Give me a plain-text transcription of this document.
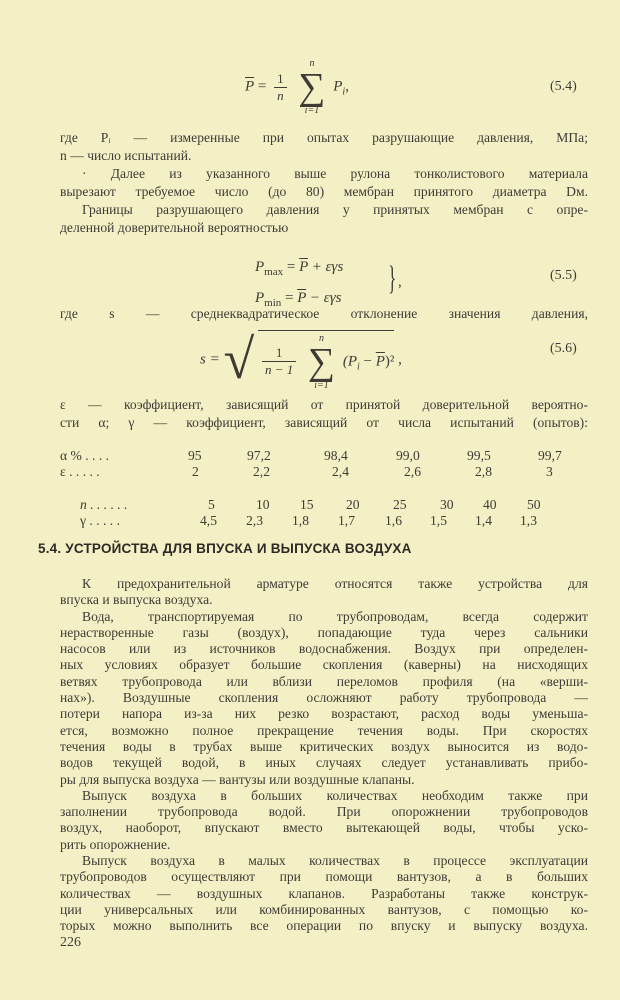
$\overline{P} = \frac{1}{n}$

n
∑
i=1
$P_i$,	(5.4)
где Pᵢ — измеренные при опытах разрушающие давления, МПа;
n — число испытаний.
· Далее из указанного выше рулона тонколистового материала
вырезают требуемое число (до 80) мембран принятого диаметра Dм.
Границы разрушающего давления у принятых мембран с опре-
деленной доверительной вероятностью
$P_{max} = \overline{P} + \varepsilon\gamma s$
$P_{min} = \overline{P} - \varepsilon\gamma s$
} ,	(5.5)
где s — среднеквадратическое отклонение значения давления,
s = √ $\frac{1}{n - 1}$

n
∑
i=1
$(P_i - \overline{P})^2$ ,
(5.6)
ε — коэффициент, зависящий от принятой доверительной вероятно-
сти α; γ — коэффициент, зависящий от числа испытаний (опытов):
α % . . . .	95	97,2	98,4	99,0	99,5	99,7
ε . . . . .	2	2,2	2,4	2,6	2,8	3
n . . . . . .	5	10 15 20 25 30 40 50
γ . . . . .	4,5 2,3 1,8 1,7 1,6 1,5 1,4 1,3
5.4. УСТРОЙСТВА ДЛЯ ВПУСКА И ВЫПУСКА ВОЗДУХА
К предохранительной арматуре относятся также устройства для
впуска и выпуска воздуха.
Вода, транспортируемая по трубопроводам, всегда содержит
нерастворенные газы (воздух), попадающие туда через сальники
насосов или из источников водоснабжения. Воздух при определен-
ных условиях образует большие скопления (каверны) на нисходящих
ветвях трубопровода или вблизи переломов профиля (на «верши-
нах»). Воздушные скопления осложняют работу трубопровода —
потери напора из-за них резко возрастают, расход воды уменьша-
ется, возможно полное прекращение течения воды. При скоростях
течения воды в трубах выше критических воздух выносится из водо-
водов текущей водой, в иных случаях следует устанавливать прибо-
ры для выпуска воздуха — вантузы или воздушные клапаны.
Выпуск воздуха в больших количествах необходим также при
заполнении трубопровода водой. При опорожнении трубопроводов
воздух, наоборот, впускают вместо вытекающей воды, чтобы уско-
рить опорожнение.
Выпуск воздуха в малых количествах в процессе эксплуатации
трубопроводов осуществляют при помощи вантузов, а в больших
количествах — воздушных клапанов. Разработаны также конструк-
ции универсальных или комбинированных вантузов, с помощью ко-
торых можно выполнить все операции по впуску и выпуску воздуха.
226
